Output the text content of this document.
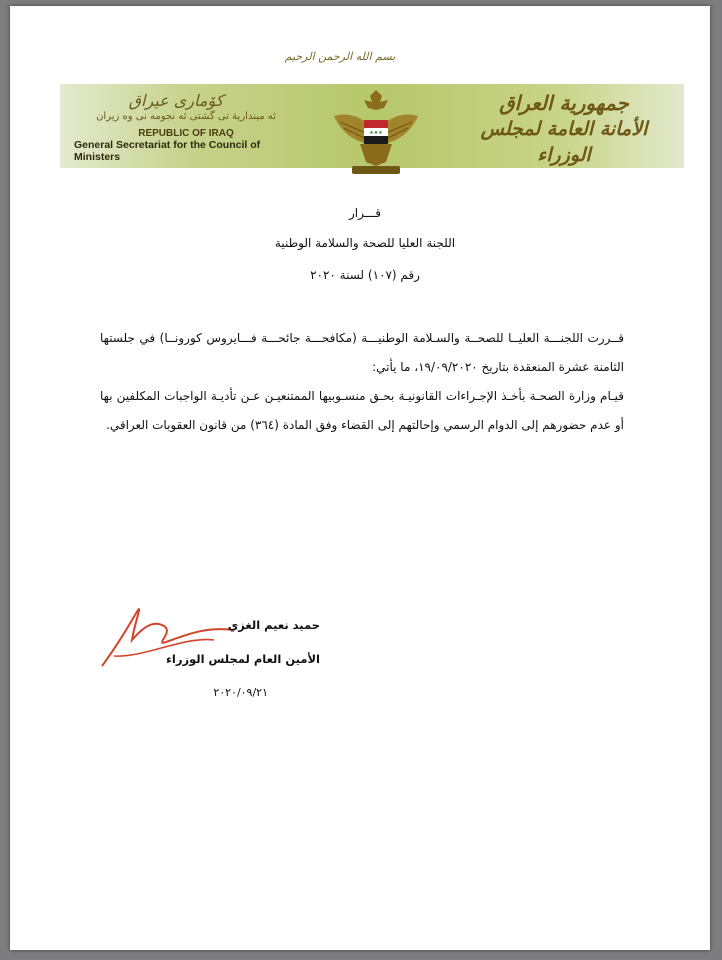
بسم الله الرحمن الرحيم
كۆمارى عيراق
ئه ميندارية تى گشتى ئه نجومه نى وه زيران
REPUBLIC OF IRAQ
General Secretariat for the Council of Ministers
★★★
جمهورية العراق
الأمانة العامة لمجلس الوزراء
قـــرار
اللجنة العليا للصحة والسلامة الوطنية
رقم (١٠٧) لسنة ٢٠٢٠
قــررت اللجنـــة العليــا للصحــة والسـلامة الوطنيـــة (مكافحـــة جائحـــة فـــايروس كورونــا) في جلستها الثامنة عشرة المنعقدة بتاريخ ١٩/٠٩/٢٠٢٠، ما يأتي:
قيـام وزارة الصحـة بأخـذ الإجـراءات القانونيـة بحـق منسـوبيها الممتنعيـن عـن تأديـة الواجبات المكلفين بها أو عدم حضورهم إلى الدوام الرسمي وإحالتهم إلى القضاء وفق المادة (٣٦٤) من قانون العقوبات العراقي.
حميد نعيم الغزي
الأمين العام لمجلس الوزراء
٢٠٢٠/٠٩/٢١
